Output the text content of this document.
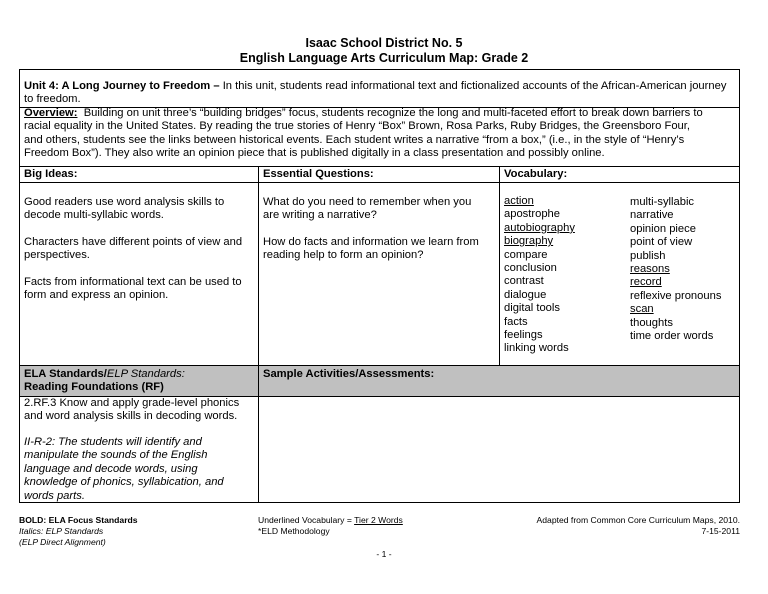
Isaac School District No. 5
English Language Arts Curriculum Map: Grade 2
Unit 4: A Long Journey to Freedom – In this unit, students read informational text and fictionalized accounts of the African-American journey to freedom.
Overview: Building on unit three’s “building bridges” focus, students recognize the long and multi-faceted effort to break down barriers to
racial equality in the United States. By reading the true stories of Henry “Box” Brown, Rosa Parks, Ruby Bridges, the Greensboro Four,
and others, students see the links between historical events. Each student writes a narrative “from a box,” (i.e., in the style of “Henry’s
Freedom Box”). They also write an opinion piece that is published digitally in a class presentation and possibly online.
Big Ideas:
Good readers use word analysis skills to
decode multi-syllabic words.
Characters have different points of view and
perspectives.
Facts from informational text can be used to
form and express an opinion.
Essential Questions:
What do you need to remember when you
are writing a narrative?
How do facts and information we learn from
reading help to form an opinion?
Vocabulary:
action
apostrophe
autobiography
biography
compare
conclusion
contrast
dialogue
digital tools
facts
feelings
linking words
multi-syllabic
narrative
opinion piece
point of view
publish
reasons
record
reflexive pronouns
scan
thoughts
time order words
ELA Standards/ELP Standards:
Reading Foundations (RF)
Sample Activities/Assessments:
2.RF.3 Know and apply grade-level phonics
and word analysis skills in decoding words.
II-R-2: The students will identify and
manipulate the sounds of the English
language and decode words, using
knowledge of phonics, syllabication, and
words parts.
BOLD: ELA Focus Standards
Italics: ELP Standards
(ELP Direct Alignment)
Underlined Vocabulary = Tier 2 Words
*ELD Methodology
Adapted from Common Core Curriculum Maps, 2010.
7-15-2011
- 1 -
